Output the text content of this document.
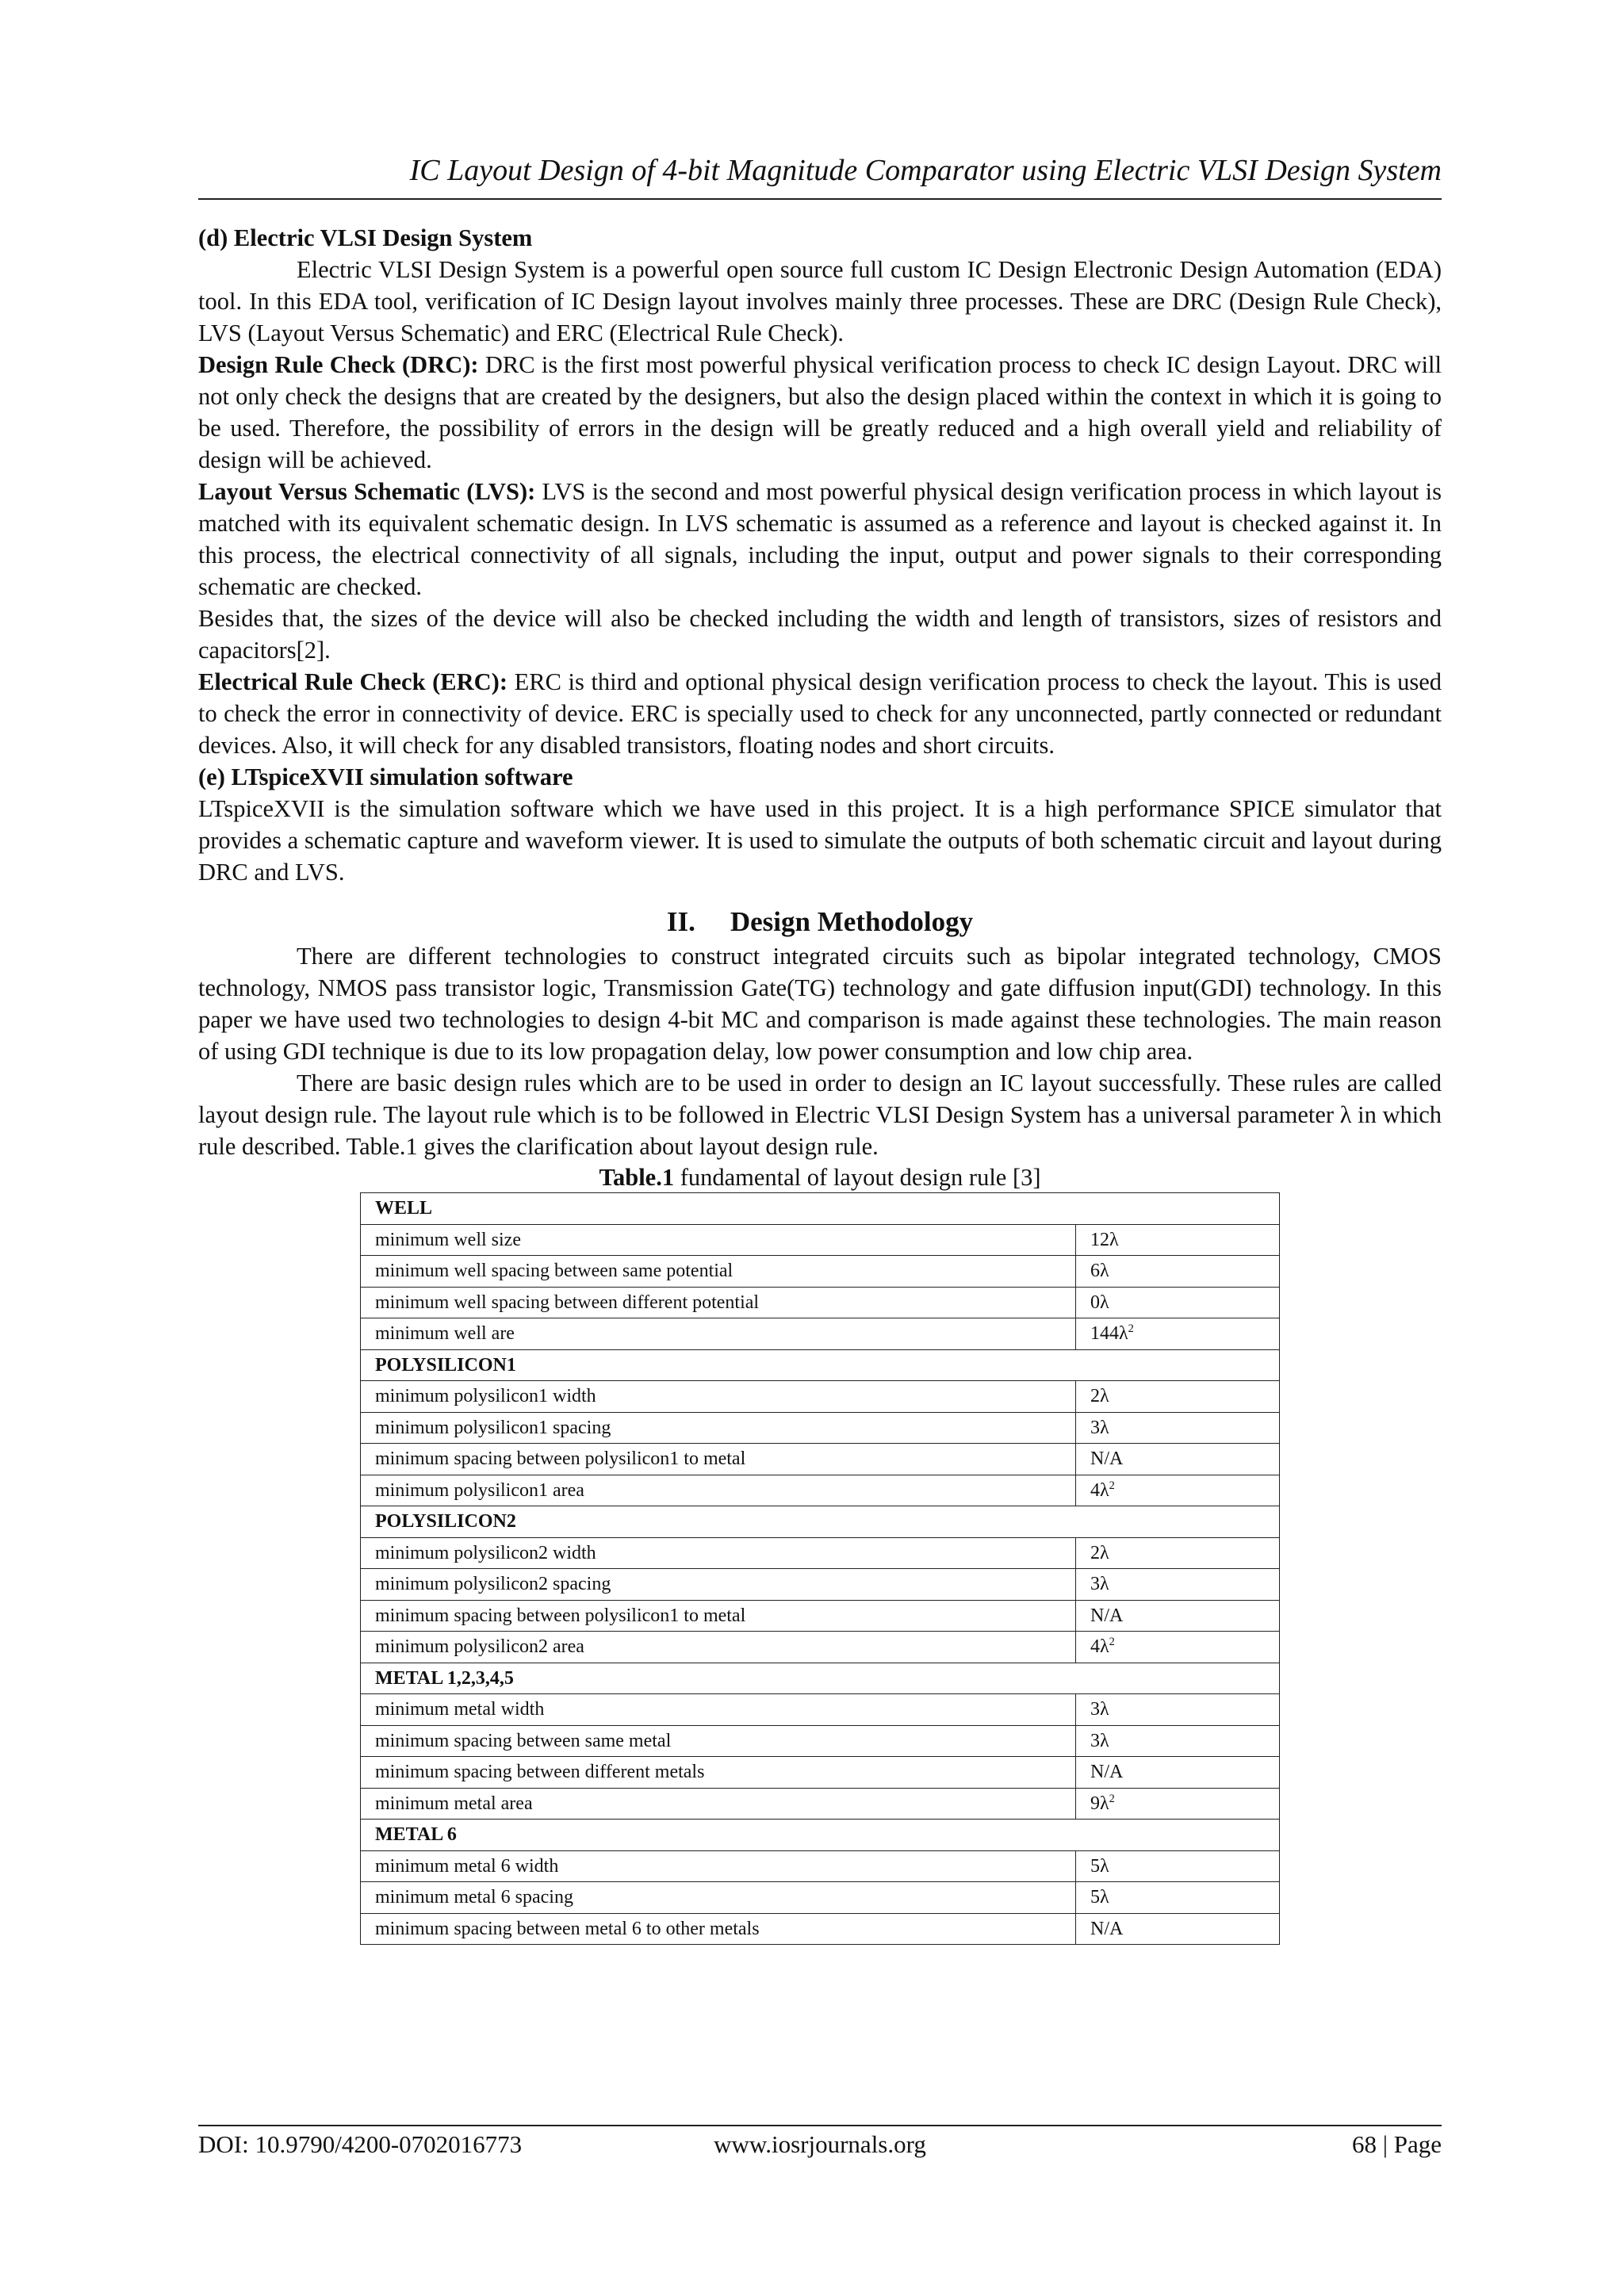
IC Layout Design of 4-bit Magnitude Comparator using Electric VLSI Design System

(d) Electric VLSI Design System

Electric VLSI Design System is a powerful open source full custom IC Design Electronic Design Automation (EDA) tool. In this EDA tool, verification of IC Design layout involves mainly three processes. These are DRC (Design Rule Check), LVS (Layout Versus Schematic) and ERC (Electrical Rule Check).

Design Rule Check (DRC): DRC is the first most powerful physical verification process to check IC design Layout. DRC will not only check the designs that are created by the designers, but also the design placed within the context in which it is going to be used. Therefore, the possibility of errors in the design will be greatly reduced and a high overall yield and reliability of design will be achieved.

Layout Versus Schematic (LVS): LVS is the second and most powerful physical design verification process in which layout is matched with its equivalent schematic design. In LVS schematic is assumed as a reference and layout is checked against it. In this process, the electrical connectivity of all signals, including the input, output and power signals to their corresponding schematic are checked.

Besides that, the sizes of the device will also be checked including the width and length of transistors, sizes of resistors and capacitors[2].

Electrical Rule Check (ERC): ERC is third and optional physical design verification process to check the layout. This is used to check the error in connectivity of device. ERC is specially used to check for any unconnected, partly connected or redundant devices. Also, it will check for any disabled transistors, floating nodes and short circuits.

(e) LTspiceXVII simulation software

LTspiceXVII is the simulation software which we have used in this project. It is a high performance SPICE simulator that provides a schematic capture and waveform viewer. It is used to simulate the outputs of both schematic circuit and layout during DRC and LVS.

II. Design Methodology

There are different technologies to construct integrated circuits such as bipolar integrated technology, CMOS technology, NMOS pass transistor logic, Transmission Gate(TG) technology and gate diffusion input(GDI) technology. In this paper we have used two technologies to design 4-bit MC and comparison is made against these technologies. The main reason of using GDI technique is due to its low propagation delay, low power consumption and low chip area.

There are basic design rules which are to be used in order to design an IC layout successfully. These rules are called layout design rule. The layout rule which is to be followed in Electric VLSI Design System has a universal parameter λ in which rule described. Table.1 gives the clarification about layout design rule.

Table.1 fundamental of layout design rule [3]

WELL	
minimum well size	12λ
minimum well spacing between same potential	6λ
minimum well spacing between different potential	0λ
minimum well are	$144\lambda^2$
POLYSILICON1	
minimum polysilicon1 width	2λ
minimum polysilicon1 spacing	3λ
minimum spacing between polysilicon1 to metal	N/A
minimum polysilicon1 area	$4\lambda^2$
POLYSILICON2	
minimum polysilicon2 width	2λ
minimum polysilicon2 spacing	3λ
minimum spacing between polysilicon1 to metal	N/A
minimum polysilicon2 area	$4\lambda^2$
METAL 1,2,3,4,5	
minimum metal width	3λ
minimum spacing between same metal	3λ
minimum spacing between different metals	N/A
minimum metal area	$9\lambda^2$
METAL 6	
minimum metal 6 width	5λ
minimum metal 6 spacing	5λ
minimum spacing between metal 6 to other metals	N/A
www.iosrjournals.org
DOI: 10.9790/4200-0702016773	68 | Page
